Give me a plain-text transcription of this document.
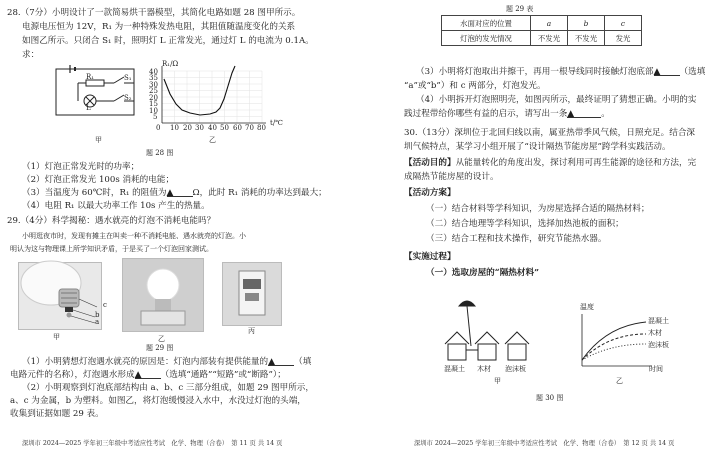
28.（7分）小明设计了一款简易烘干器模型，其简化电路如题 28 图甲所示。
电源电压恒为 12V，R₁ 为一种特殊发热电阻，其阻值随温度变化的关系
如图乙所示。只闭合 S₁ 时，照明灯 L 正常发光，通过灯 L 的电流为 0.1A。
求：
R₁	S₁
L
S₂
R₁/Ω
40
35
30
25
20
15
10
5
0 10 20 30 40 50 60 70 80
t/℃
甲	乙
题 28 图
（1）灯泡正常发光时的功率；
（2）灯泡正常发光 100s 消耗的电能；
（3）当温度为 60℃时，R₁ 的阻值为▲ Ω，此时 R₁ 消耗的功率达到最大；
（4）电阻 R₁ 以最大功率工作 10s 产生的热量。
29.（4分）科学揭秘：遇水就亮的灯泡不消耗电能吗？
小明逛夜市时，发现有摊主在叫卖一种不消耗电能、遇水就亮的灯泡。小
明认为这与物理课上所学知识矛盾，于是买了一个灯泡回家测试。
c
b
a
甲	乙
丙
题 29 图
（1）小明猜想灯泡遇水就亮的原因是：灯泡内部装有提供能量的▲ （填
电路元件的名称），灯泡遇水形成▲ （选填“通路”“短路”或“断路”）；
（2）小明观察到灯泡底部结构由 a、b、c 三部分组成，如题 29 图甲所示，
a、c 为金属，b 为塑料。如图乙，将灯泡缓慢浸入水中，水没过灯泡的头端，
收集到证据如题 29 表。
深圳市 2024—2025 学年初三年级中考适应性考试　化学、物理（合卷）　第 11 页 共 14 页
题 29 表
水面对应的位置	a	b	c
灯泡的发光情况	不发光	不发光	发光
（3）小明将灯泡取出并擦干，再用一根导线同时接触灯泡底部▲ （选填
“a”或“b”）和 c 两部分，灯泡发光。
（4）小明拆开灯泡照明壳，如图丙所示，最终证明了猜想正确。小明的实
践过程带给你哪些有益的启示，请写出一条▲	。
30.（13分）深圳位于北回归线以南，属亚热带季风气候，日照充足。结合深
圳气候特点，某学习小组开展了“设计隔热节能房屋”跨学科实践活动。
【活动目的】从能量转化的角度出发，探讨利用可再生能源的途径和方法，完
成隔热节能房屋的设计。
【活动方案】
（一）结合材料等学科知识，为房屋选择合适的隔热材料；
（二）结合地理等学科知识，选择加热池板的面积；
（三）结合工程和技术操作，研究节能热水器。
【实施过程】
（一）选取房屋的“隔热材料”
混凝土 木材 泡沫板
甲
温度
时间
混凝土
木材
泡沫板
乙
题 30 图
深圳市 2024—2025 学年初三年级中考适应性考试　化学、物理（合卷）　第 12 页 共 14 页
